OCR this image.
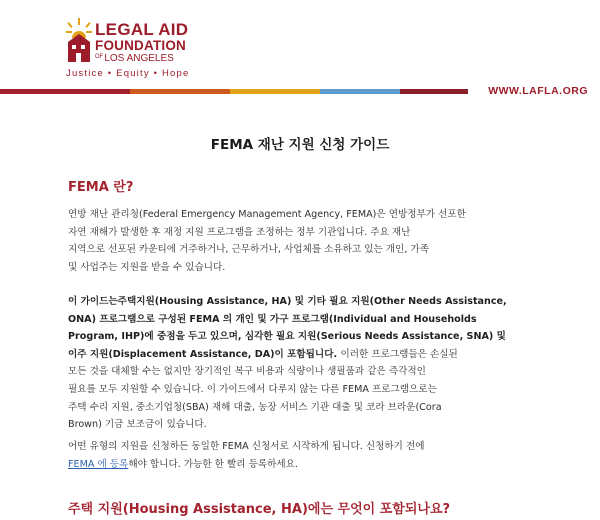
LEGAL AID
FOUNDATION
$^{OF}$LOS ANGELES
Justice • Equity • Hope
WWW.LAFLA.ORG
FEMA 재난 지원 신청 가이드
FEMA 란?
연방 재난 관리청(Federal Emergency Management Agency, FEMA)은 연방정부가 선포한
자연 재해가 발생한 후 재정 지원 프로그램을 조정하는 정부 기관입니다. 주요 재난
지역으로 선포된 카운티에 거주하거나, 근무하거나, 사업체를 소유하고 있는 개인, 가족
및 사업주는 지원을 받을 수 있습니다.
이 가이드는주택지원(Housing Assistance, HA) 및 기타 필요 지원(Other Needs Assistance,
ONA) 프로그램으로 구성된 FEMA 의 개인 및 가구 프로그램(Individual and Households
Program, IHP)에 중점을 두고 있으며, 심각한 필요 지원(Serious Needs Assistance, SNA) 및
이주 지원(Displacement Assistance, DA)이 포함됩니다. 이러한 프로그램들은 손실된
모든 것을 대체할 수는 없지만 장기적인 복구 비용과 식량이나 생필품과 같은 즉각적인
필요를 모두 지원할 수 있습니다. 이 가이드에서 다루지 않는 다른 FEMA 프로그램으로는
주택 수리 지원, 중소기업청(SBA) 재해 대출, 농장 서비스 기관 대출 및 코라 브라운(Cora
Brown) 기금 보조금이 있습니다.
어떤 유형의 지원을 신청하든 동일한 FEMA 신청서로 시작하게 됩니다. 신청하기 전에
FEMA 에 등록해야 합니다. 가능한 한 빨리 등록하세요.
주택 지원(Housing Assistance, HA)에는 무엇이 포함되나요?
